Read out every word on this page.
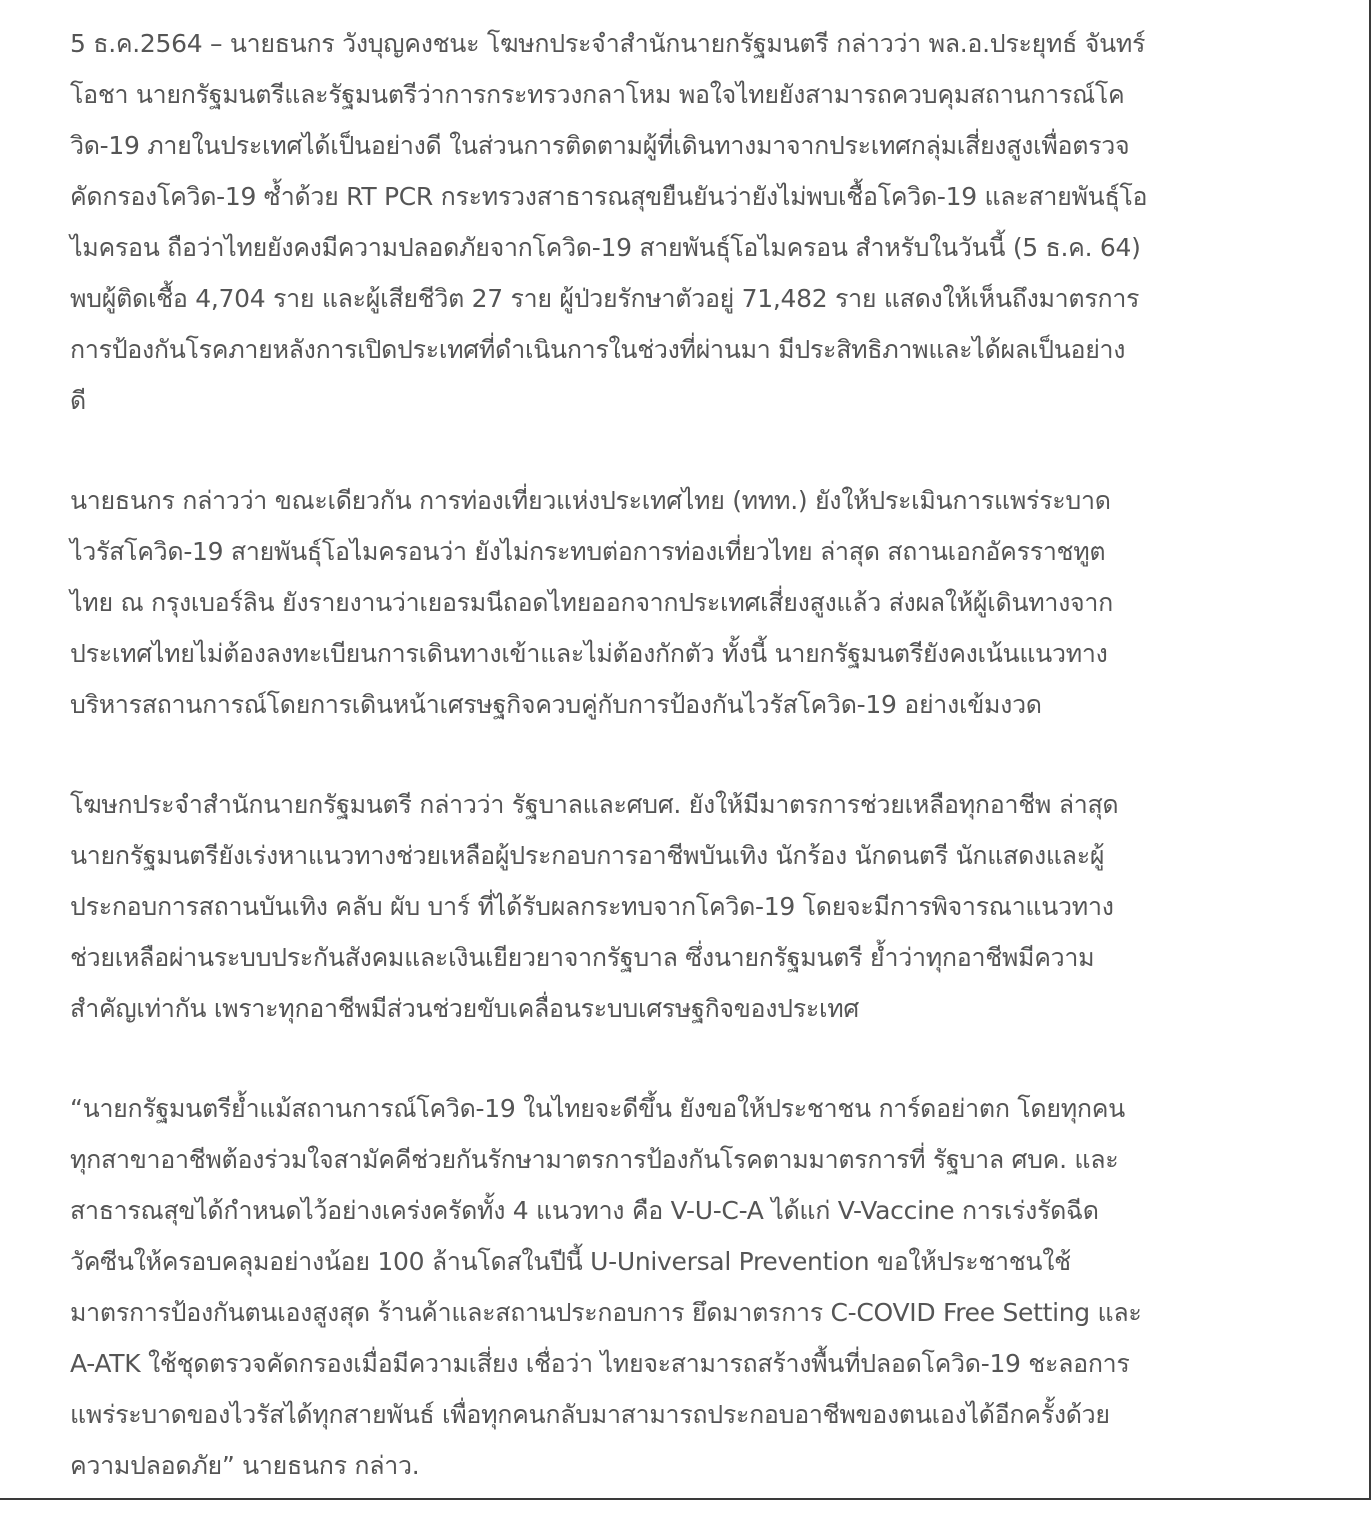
5 ธ.ค.2564 – นายธนกร วังบุญคงชนะ โฆษกประจำสำนักนายกรัฐมนตรี กล่าวว่า พล.อ.ประยุทธ์ จันทร์
โอชา นายกรัฐมนตรีและรัฐมนตรีว่าการกระทรวงกลาโหม พอใจไทยยังสามารถควบคุมสถานการณ์โค
วิด-19 ภายในประเทศได้เป็นอย่างดี ในส่วนการติดตามผู้ที่เดินทางมาจากประเทศกลุ่มเสี่ยงสูงเพื่อตรวจ
คัดกรองโควิด-19 ซ้ำด้วย RT PCR กระทรวงสาธารณสุขยืนยันว่ายังไม่พบเชื้อโควิด-19 และสายพันธุ์โอ
ไมครอน ถือว่าไทยยังคงมีความปลอดภัยจากโควิด-19 สายพันธุ์โอไมครอน สำหรับในวันนี้ (5 ธ.ค. 64)
พบผู้ติดเชื้อ 4,704 ราย และผู้เสียชีวิต 27 ราย ผู้ป่วยรักษาตัวอยู่ 71,482 ราย แสดงให้เห็นถึงมาตรการ
การป้องกันโรคภายหลังการเปิดประเทศที่ดำเนินการในช่วงที่ผ่านมา มีประสิทธิภาพและได้ผลเป็นอย่าง
ดี

นายธนกร กล่าวว่า ขณะเดียวกัน การท่องเที่ยวแห่งประเทศไทย (ททท.) ยังให้ประเมินการแพร่ระบาด
ไวรัสโควิด-19 สายพันธุ์โอไมครอนว่า ยังไม่กระทบต่อการท่องเที่ยวไทย ล่าสุด สถานเอกอัครราชทูต
ไทย ณ กรุงเบอร์ลิน ยังรายงานว่าเยอรมนีถอดไทยออกจากประเทศเสี่ยงสูงแล้ว ส่งผลให้ผู้เดินทางจาก
ประเทศไทยไม่ต้องลงทะเบียนการเดินทางเข้าและไม่ต้องกักตัว ทั้งนี้ นายกรัฐมนตรียังคงเน้นแนวทาง
บริหารสถานการณ์โดยการเดินหน้าเศรษฐกิจควบคู่กับการป้องกันไวรัสโควิด-19 อย่างเข้มงวด

โฆษกประจำสำนักนายกรัฐมนตรี กล่าวว่า รัฐบาลและศบศ. ยังให้มีมาตรการช่วยเหลือทุกอาชีพ ล่าสุด
นายกรัฐมนตรียังเร่งหาแนวทางช่วยเหลือผู้ประกอบการอาชีพบันเทิง นักร้อง นักดนตรี นักแสดงและผู้
ประกอบการสถานบันเทิง คลับ ผับ บาร์ ที่ได้รับผลกระทบจากโควิด-19 โดยจะมีการพิจารณาแนวทาง
ช่วยเหลือผ่านระบบประกันสังคมและเงินเยียวยาจากรัฐบาล ซึ่งนายกรัฐมนตรี ย้ำว่าทุกอาชีพมีความ
สำคัญเท่ากัน เพราะทุกอาชีพมีส่วนช่วยขับเคลื่อนระบบเศรษฐกิจของประเทศ

“นายกรัฐมนตรีย้ำแม้สถานการณ์โควิด-19 ในไทยจะดีขึ้น ยังขอให้ประชาชน การ์ดอย่าตก โดยทุกคน
ทุกสาขาอาชีพต้องร่วมใจสามัคคีช่วยกันรักษามาตรการป้องกันโรคตามมาตรการที่ รัฐบาล ศบค. และ
สาธารณสุขได้กำหนดไว้อย่างเคร่งครัดทั้ง 4 แนวทาง คือ V-U-C-A ได้แก่ V-Vaccine การเร่งรัดฉีด
วัคซีนให้ครอบคลุมอย่างน้อย 100 ล้านโดสในปีนี้ U-Universal Prevention ขอให้ประชาชนใช้
มาตรการป้องกันตนเองสูงสุด ร้านค้าและสถานประกอบการ ยึดมาตรการ C-COVID Free Setting และ
A-ATK ใช้ชุดตรวจคัดกรองเมื่อมีความเสี่ยง เชื่อว่า ไทยจะสามารถสร้างพื้นที่ปลอดโควิด-19 ชะลอการ
แพร่ระบาดของไวรัสได้ทุกสายพันธ์ เพื่อทุกคนกลับมาสามารถประกอบอาชีพของตนเองได้อีกครั้งด้วย
ความปลอดภัย” นายธนกร กล่าว.
